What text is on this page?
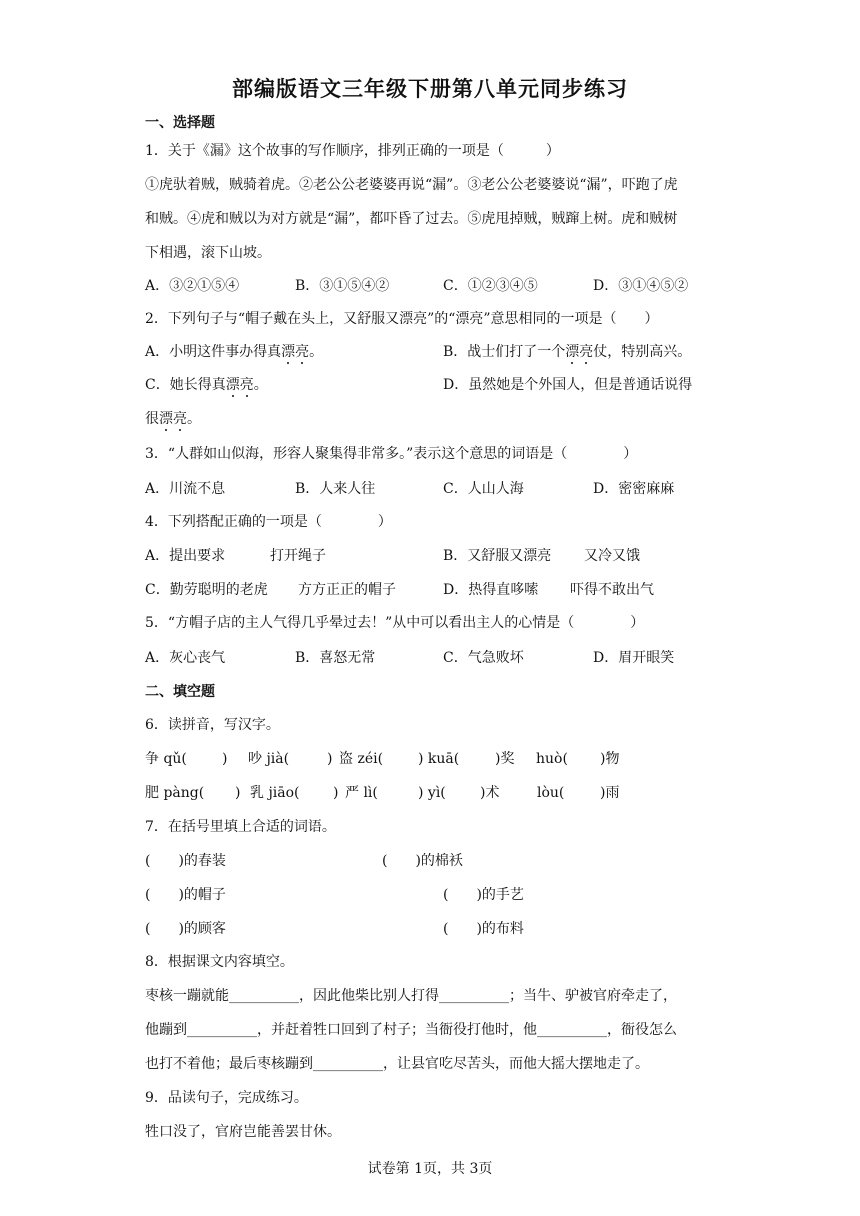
部编版语文三年级下册第八单元同步练习
一、选择题
1．关于《漏》这个故事的写作顺序，排列正确的一项是（　　　）
①虎驮着贼，贼骑着虎。②老公公老婆婆再说“漏”。③老公公老婆婆说“漏”，吓跑了虎
和贼。④虎和贼以为对方就是“漏”，都吓昏了过去。⑤虎甩掉贼，贼蹿上树。虎和贼树
下相遇，滚下山坡。
A．③②①⑤④	B．③①⑤④②	C．①②③④⑤	D．③①④⑤②
2．下列句子与“帽子戴在头上，又舒服又漂亮”的“漂亮”意思相同的一项是（　　）
A．小明这件事办得真漂亮。	B．战士们打了一个漂亮仗，特别高兴。
C．她长得真漂亮。	D．虽然她是个外国人，但是普通话说得
很漂亮。
3．“人群如山似海，形容人聚集得非常多。”表示这个意思的词语是（　　　　）
A．川流不息	B．人来人往	C．人山人海	D．密密麻麻
4．下列搭配正确的一项是（　　　　）
A．提出要求	打开绳子	B．又舒服又漂亮 又冷又饿
C．勤劳聪明的老虎 方方正正的帽子	D．热得直哆嗦 吓得不敢出气
5．“方帽子店的主人气得几乎晕过去！”从中可以看出主人的心情是（　　　　）
A．灰心丧气	B．喜怒无常	C．气急败坏	D．眉开眼笑
二、填空题
6．读拼音，写汉字。
争 qǔ(	) 吵 jià(	) 盗 zéi( ) kuā(	)奖 huò( )物
肥 pàng( ) 乳 jiāo( ) 严 lì(	) yì( )术	lòu(	)雨
7．在括号里填上合适的词语。
(　　)的春装	(　　)的棉袄
(　　)的帽子	(　　)的手艺
(　　)的顾客	(　　)的布料
8．根据课文内容填空。
枣核一蹦就能__________，因此他柴比别人打得__________；当牛、驴被官府牵走了，
他蹦到__________，并赶着牲口回到了村子；当衙役打他时，他__________，衙役怎么
也打不着他；最后枣核蹦到__________，让县官吃尽苦头，而他大摇大摆地走了。
9．品读句子，完成练习。
牲口没了，官府岂能善罢甘休。
试卷第 1页，共 3页
